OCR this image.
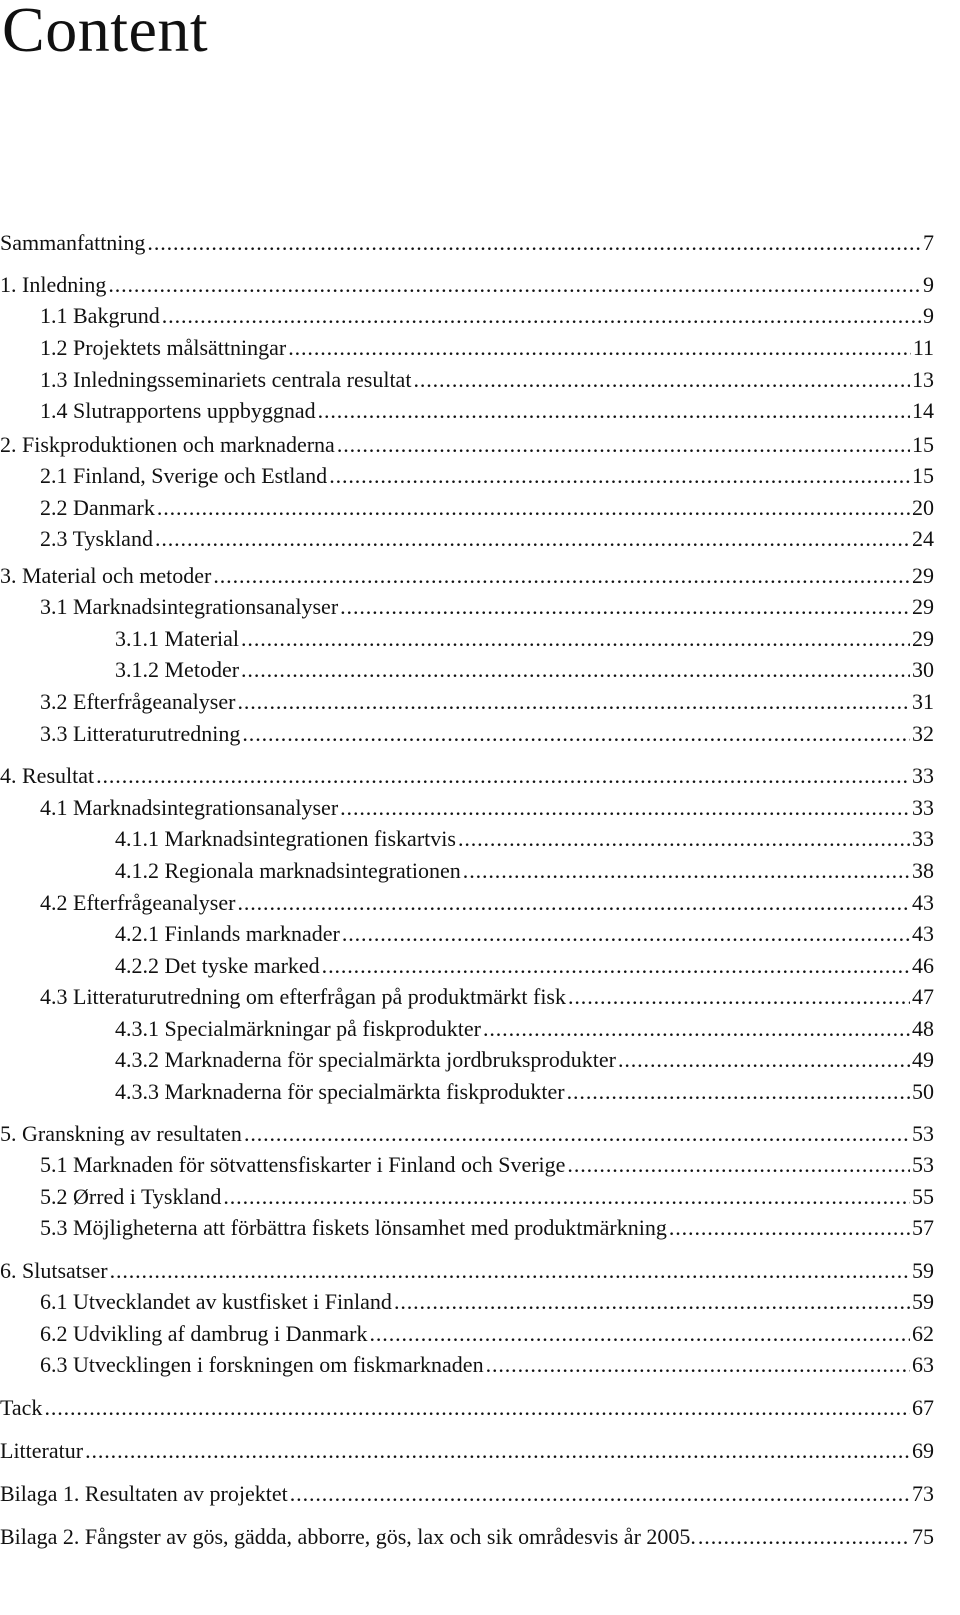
Content
Sammanfattning .....	7
1. Inledning .....	9
1.1 Bakgrund .....	9
1.2 Projektets målsättningar .....	11
1.3 Inledningsseminariets centrala resultat .....	13
1.4 Slutrapportens uppbyggnad .....	14
2. Fiskproduktionen och marknaderna .....	15
2.1 Finland, Sverige och Estland .....	15
2.2 Danmark .....	20
2.3 Tyskland .....	24
3. Material och metoder .....	29
3.1 Marknadsintegrationsanalyser .....	29
3.1.1 Material .....	29
3.1.2 Metoder .....	30
3.2 Efterfrågeanalyser .....	31
3.3 Litteraturutredning .....	32
4. Resultat .....	33
4.1 Marknadsintegrationsanalyser .....	33
4.1.1 Marknadsintegrationen fiskartvis .....	33
4.1.2 Regionala marknadsintegrationen .....	38
4.2 Efterfrågeanalyser .....	43
4.2.1 Finlands marknader .....	43
4.2.2 Det tyske marked .....	46
4.3 Litteraturutredning om efterfrågan på produktmärkt fisk .....	47
4.3.1 Specialmärkningar på fiskprodukter .....	48
4.3.2 Marknaderna för specialmärkta jordbruksprodukter .....	49
4.3.3 Marknaderna för specialmärkta fiskprodukter .....	50
5. Granskning av resultaten .....	53
5.1 Marknaden för sötvattensfiskarter i Finland och Sverige .....	53
5.2 Ørred i Tyskland .....	55
5.3 Möjligheterna att förbättra fiskets lönsamhet med produktmärkning .....	57
6. Slutsatser .....	59
6.1 Utvecklandet av kustfisket i Finland .....	59
6.2 Udvikling af dambrug i Danmark .....	62
6.3 Utvecklingen i forskningen om fiskmarknaden .....	63
Tack .....	67
Litteratur .....	69
Bilaga 1. Resultaten av projektet .....	73
Bilaga 2. Fångster av gös, gädda, abborre, gös, lax och sik områdesvis år 2005. .....	75
